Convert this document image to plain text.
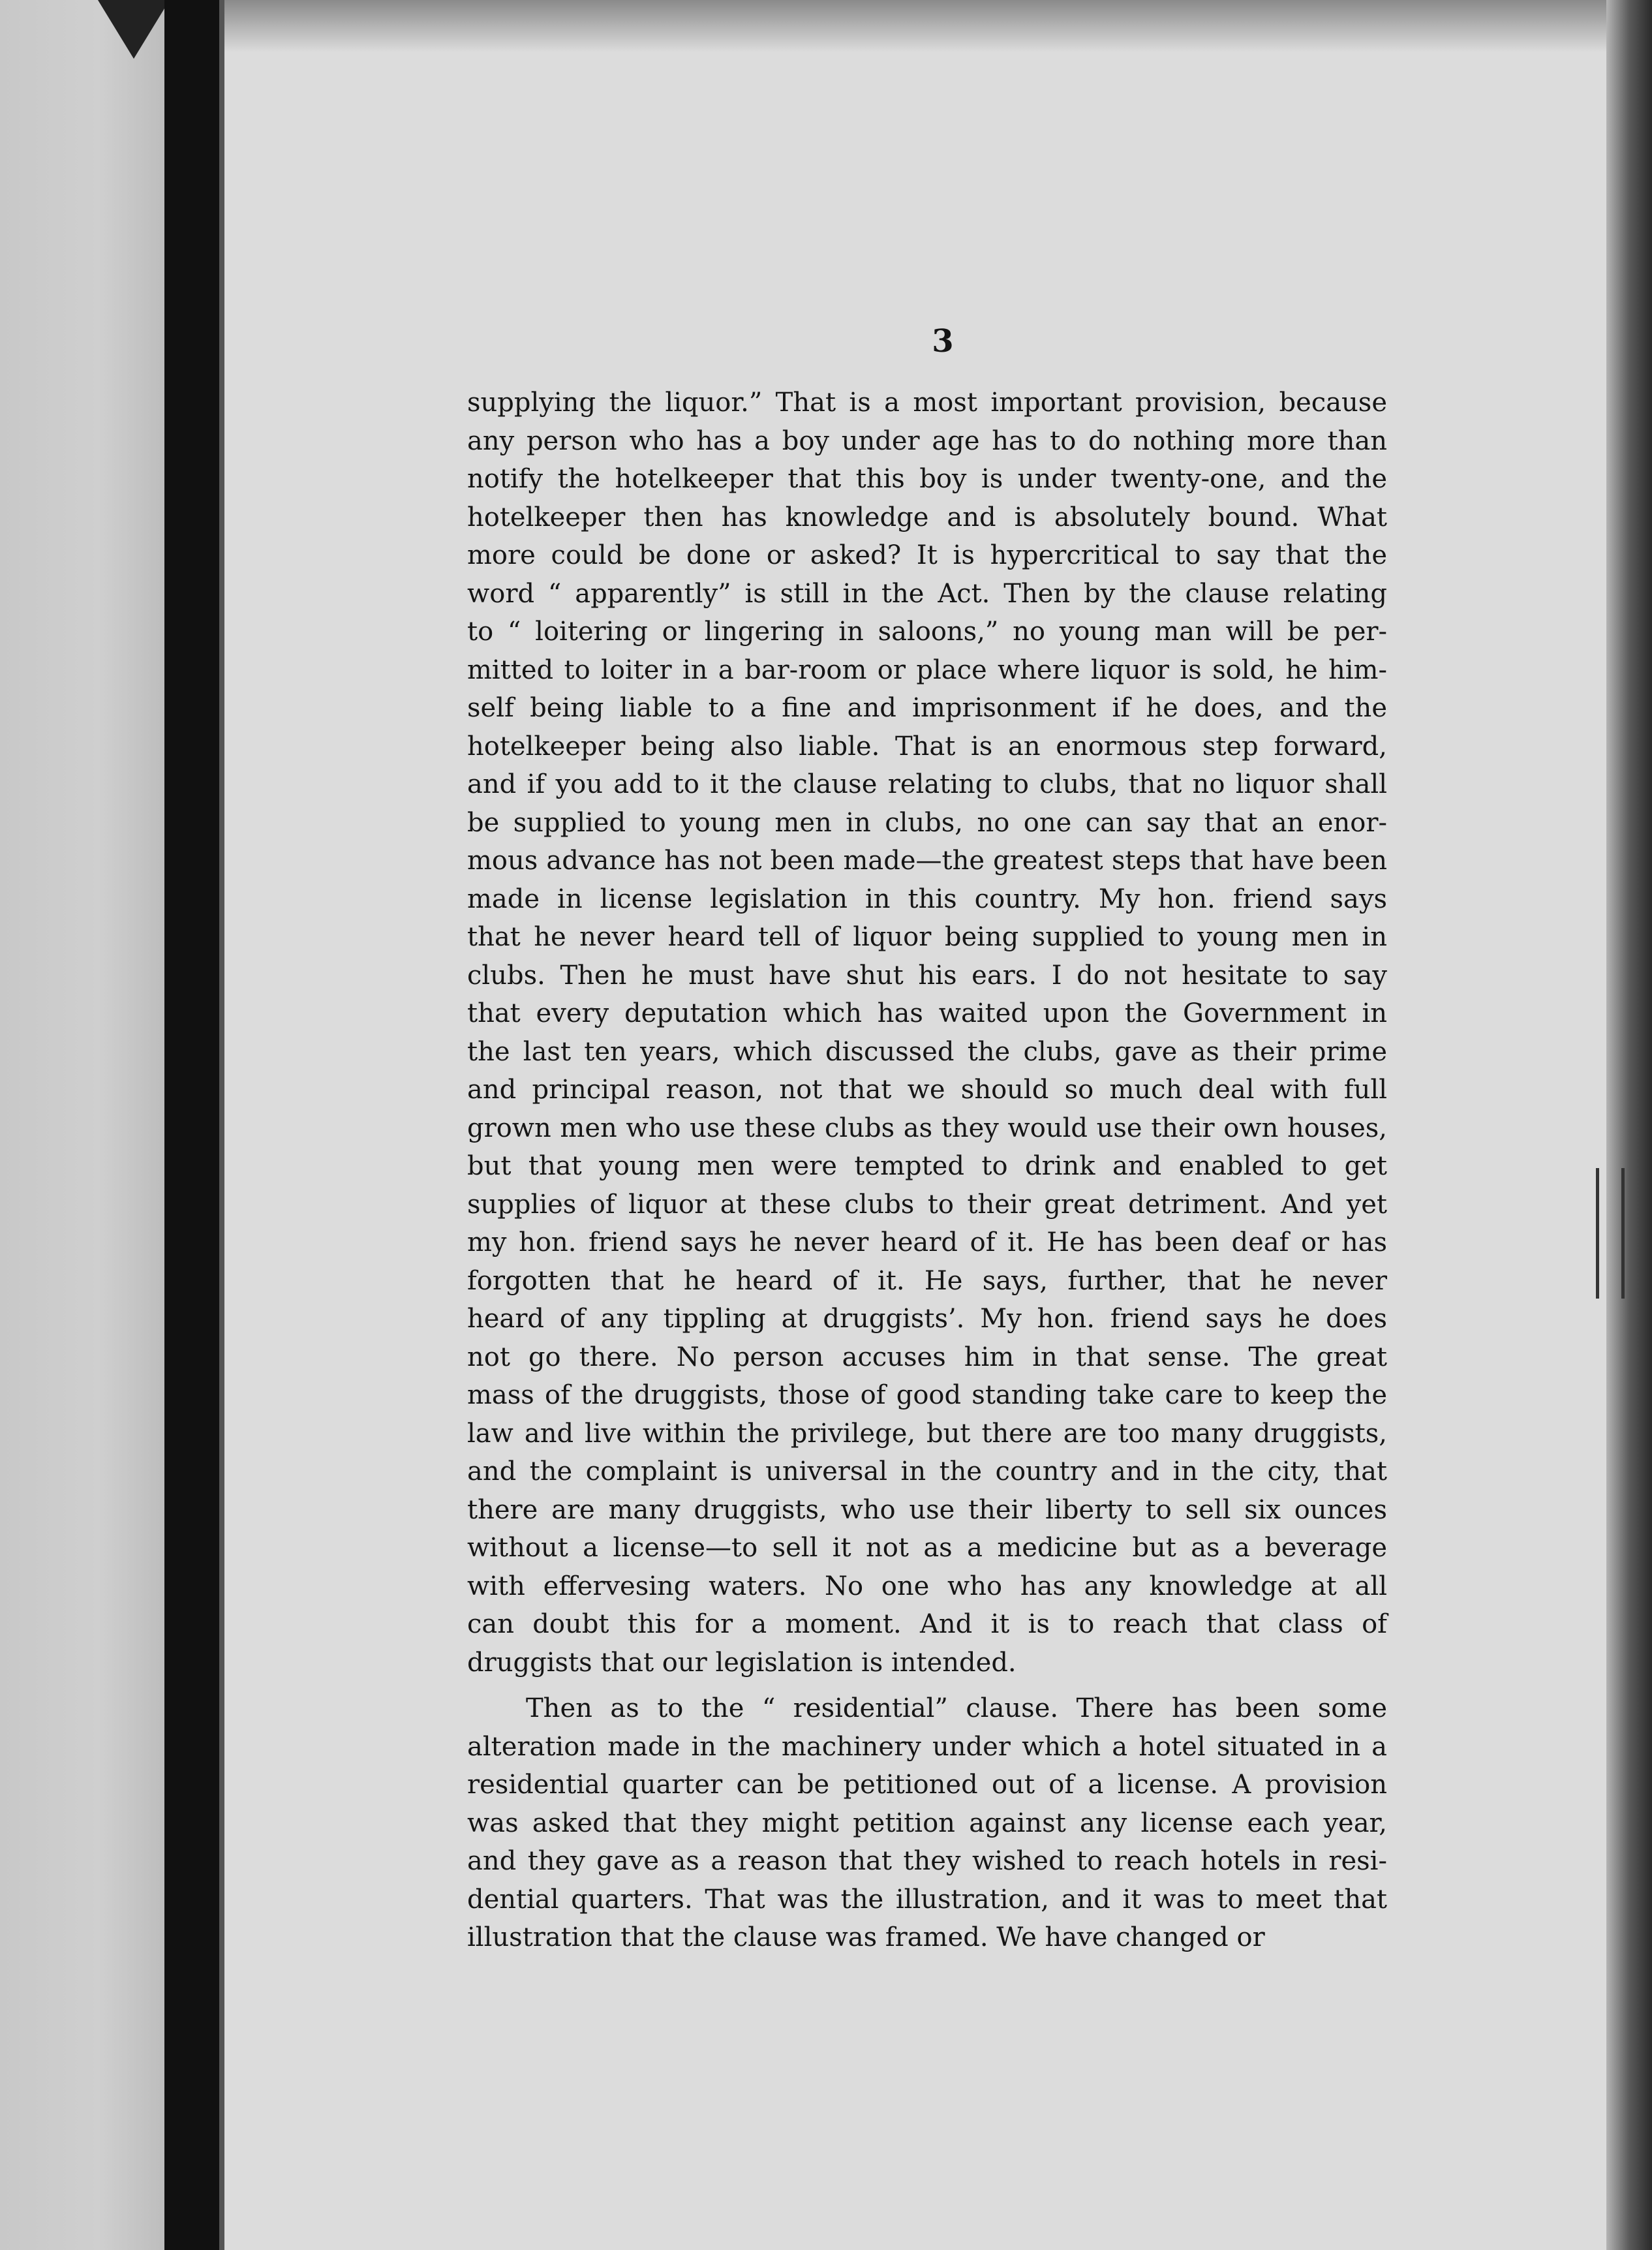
3
supplying the liquor.” That is a most important provision, because
any person who has a boy under age has to do nothing more than
notify the hotelkeeper that this boy is under twenty-one, and the
hotelkeeper then has knowledge and is absolutely bound. What
more could be done or asked? It is hypercritical to say that the
word “ apparently” is still in the Act. Then by the clause relating
to “ loitering or lingering in saloons,” no young man will be per-
mitted to loiter in a bar-room or place where liquor is sold, he him-
self being liable to a fine and imprisonment if he does, and the
hotelkeeper being also liable. That is an enormous step forward,
and if you add to it the clause relating to clubs, that no liquor shall
be supplied to young men in clubs, no one can say that an enor-
mous advance has not been made—the greatest steps that have been
made in license legislation in this country. My hon. friend says
that he never heard tell of liquor being supplied to young men in
clubs. Then he must have shut his ears. I do not hesitate to say
that every deputation which has waited upon the Government in
the last ten years, which discussed the clubs, gave as their prime
and principal reason, not that we should so much deal with full
grown men who use these clubs as they would use their own houses,
but that young men were tempted to drink and enabled to get
supplies of liquor at these clubs to their great detriment. And yet
my hon. friend says he never heard of it. He has been deaf or has
forgotten that he heard of it. He says, further, that he never
heard of any tippling at druggists’. My hon. friend says he does
not go there. No person accuses him in that sense. The great
mass of the druggists, those of good standing take care to keep the
law and live within the privilege, but there are too many druggists,
and the complaint is universal in the country and in the city, that
there are many druggists, who use their liberty to sell six ounces
without a license—to sell it not as a medicine but as a beverage
with effervesing waters. No one who has any knowledge at all
can doubt this for a moment. And it is to reach that class of
druggists that our legislation is intended.
Then as to the “ residential” clause. There has been some
alteration made in the machinery under which a hotel situated in a
residential quarter can be petitioned out of a license. A provision
was asked that they might petition against any license each year,
and they gave as a reason that they wished to reach hotels in resi-
dential quarters. That was the illustration, and it was to meet that
illustration that the clause was framed. We have changed or
